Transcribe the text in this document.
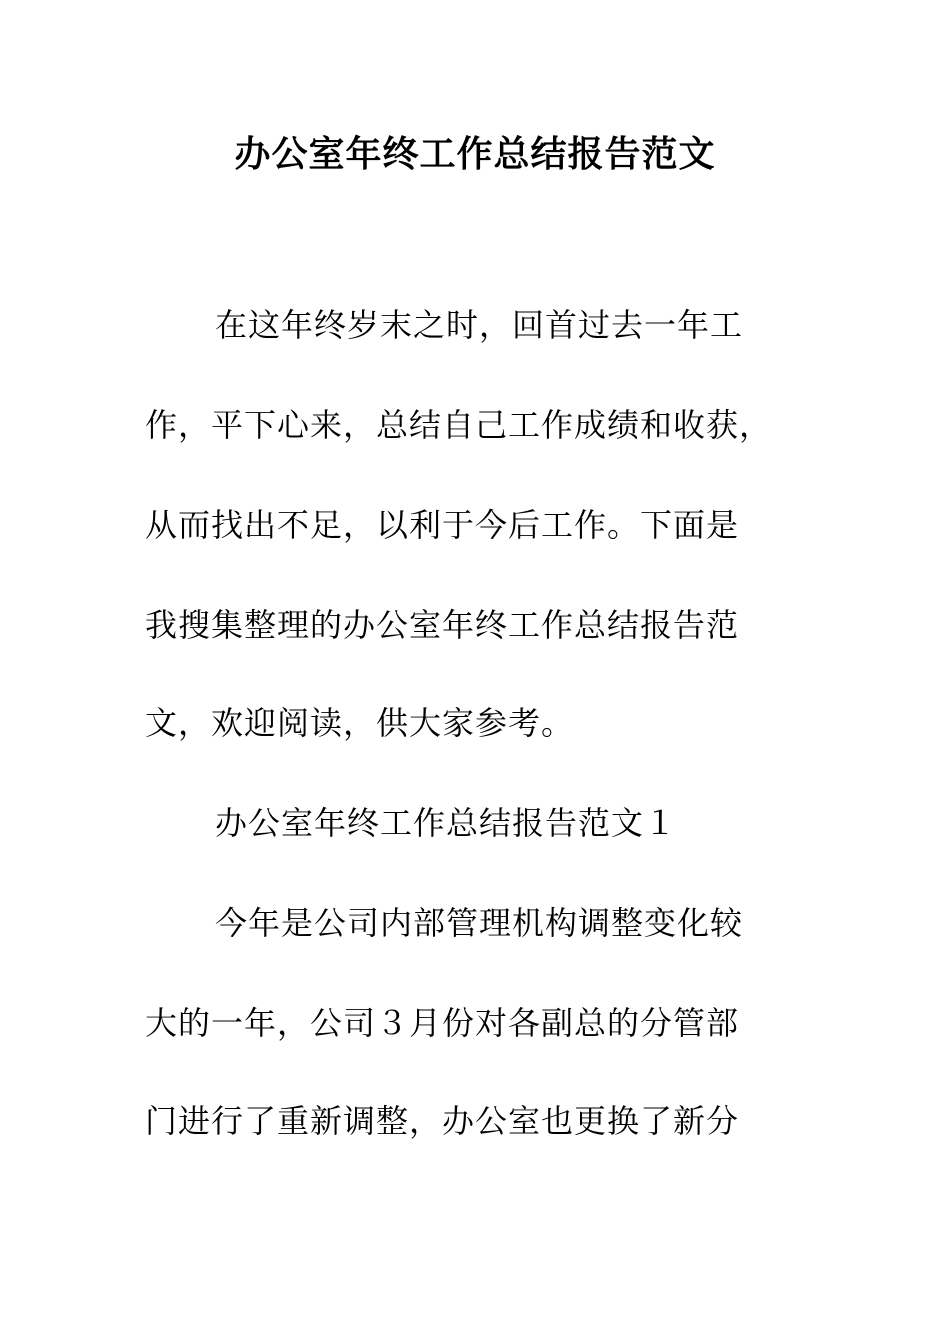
办公室年终工作总结报告范文
在这年终岁末之时，回首过去一年工
作，平下心来，总结自己工作成绩和收获，
从而找出不足，以利于今后工作。下面是
我搜集整理的办公室年终工作总结报告范
文，欢迎阅读，供大家参考。
办公室年终工作总结报告范文１
今年是公司内部管理机构调整变化较
大的一年，公司３月份对各副总的分管部
门进行了重新调整，办公室也更换了新分
